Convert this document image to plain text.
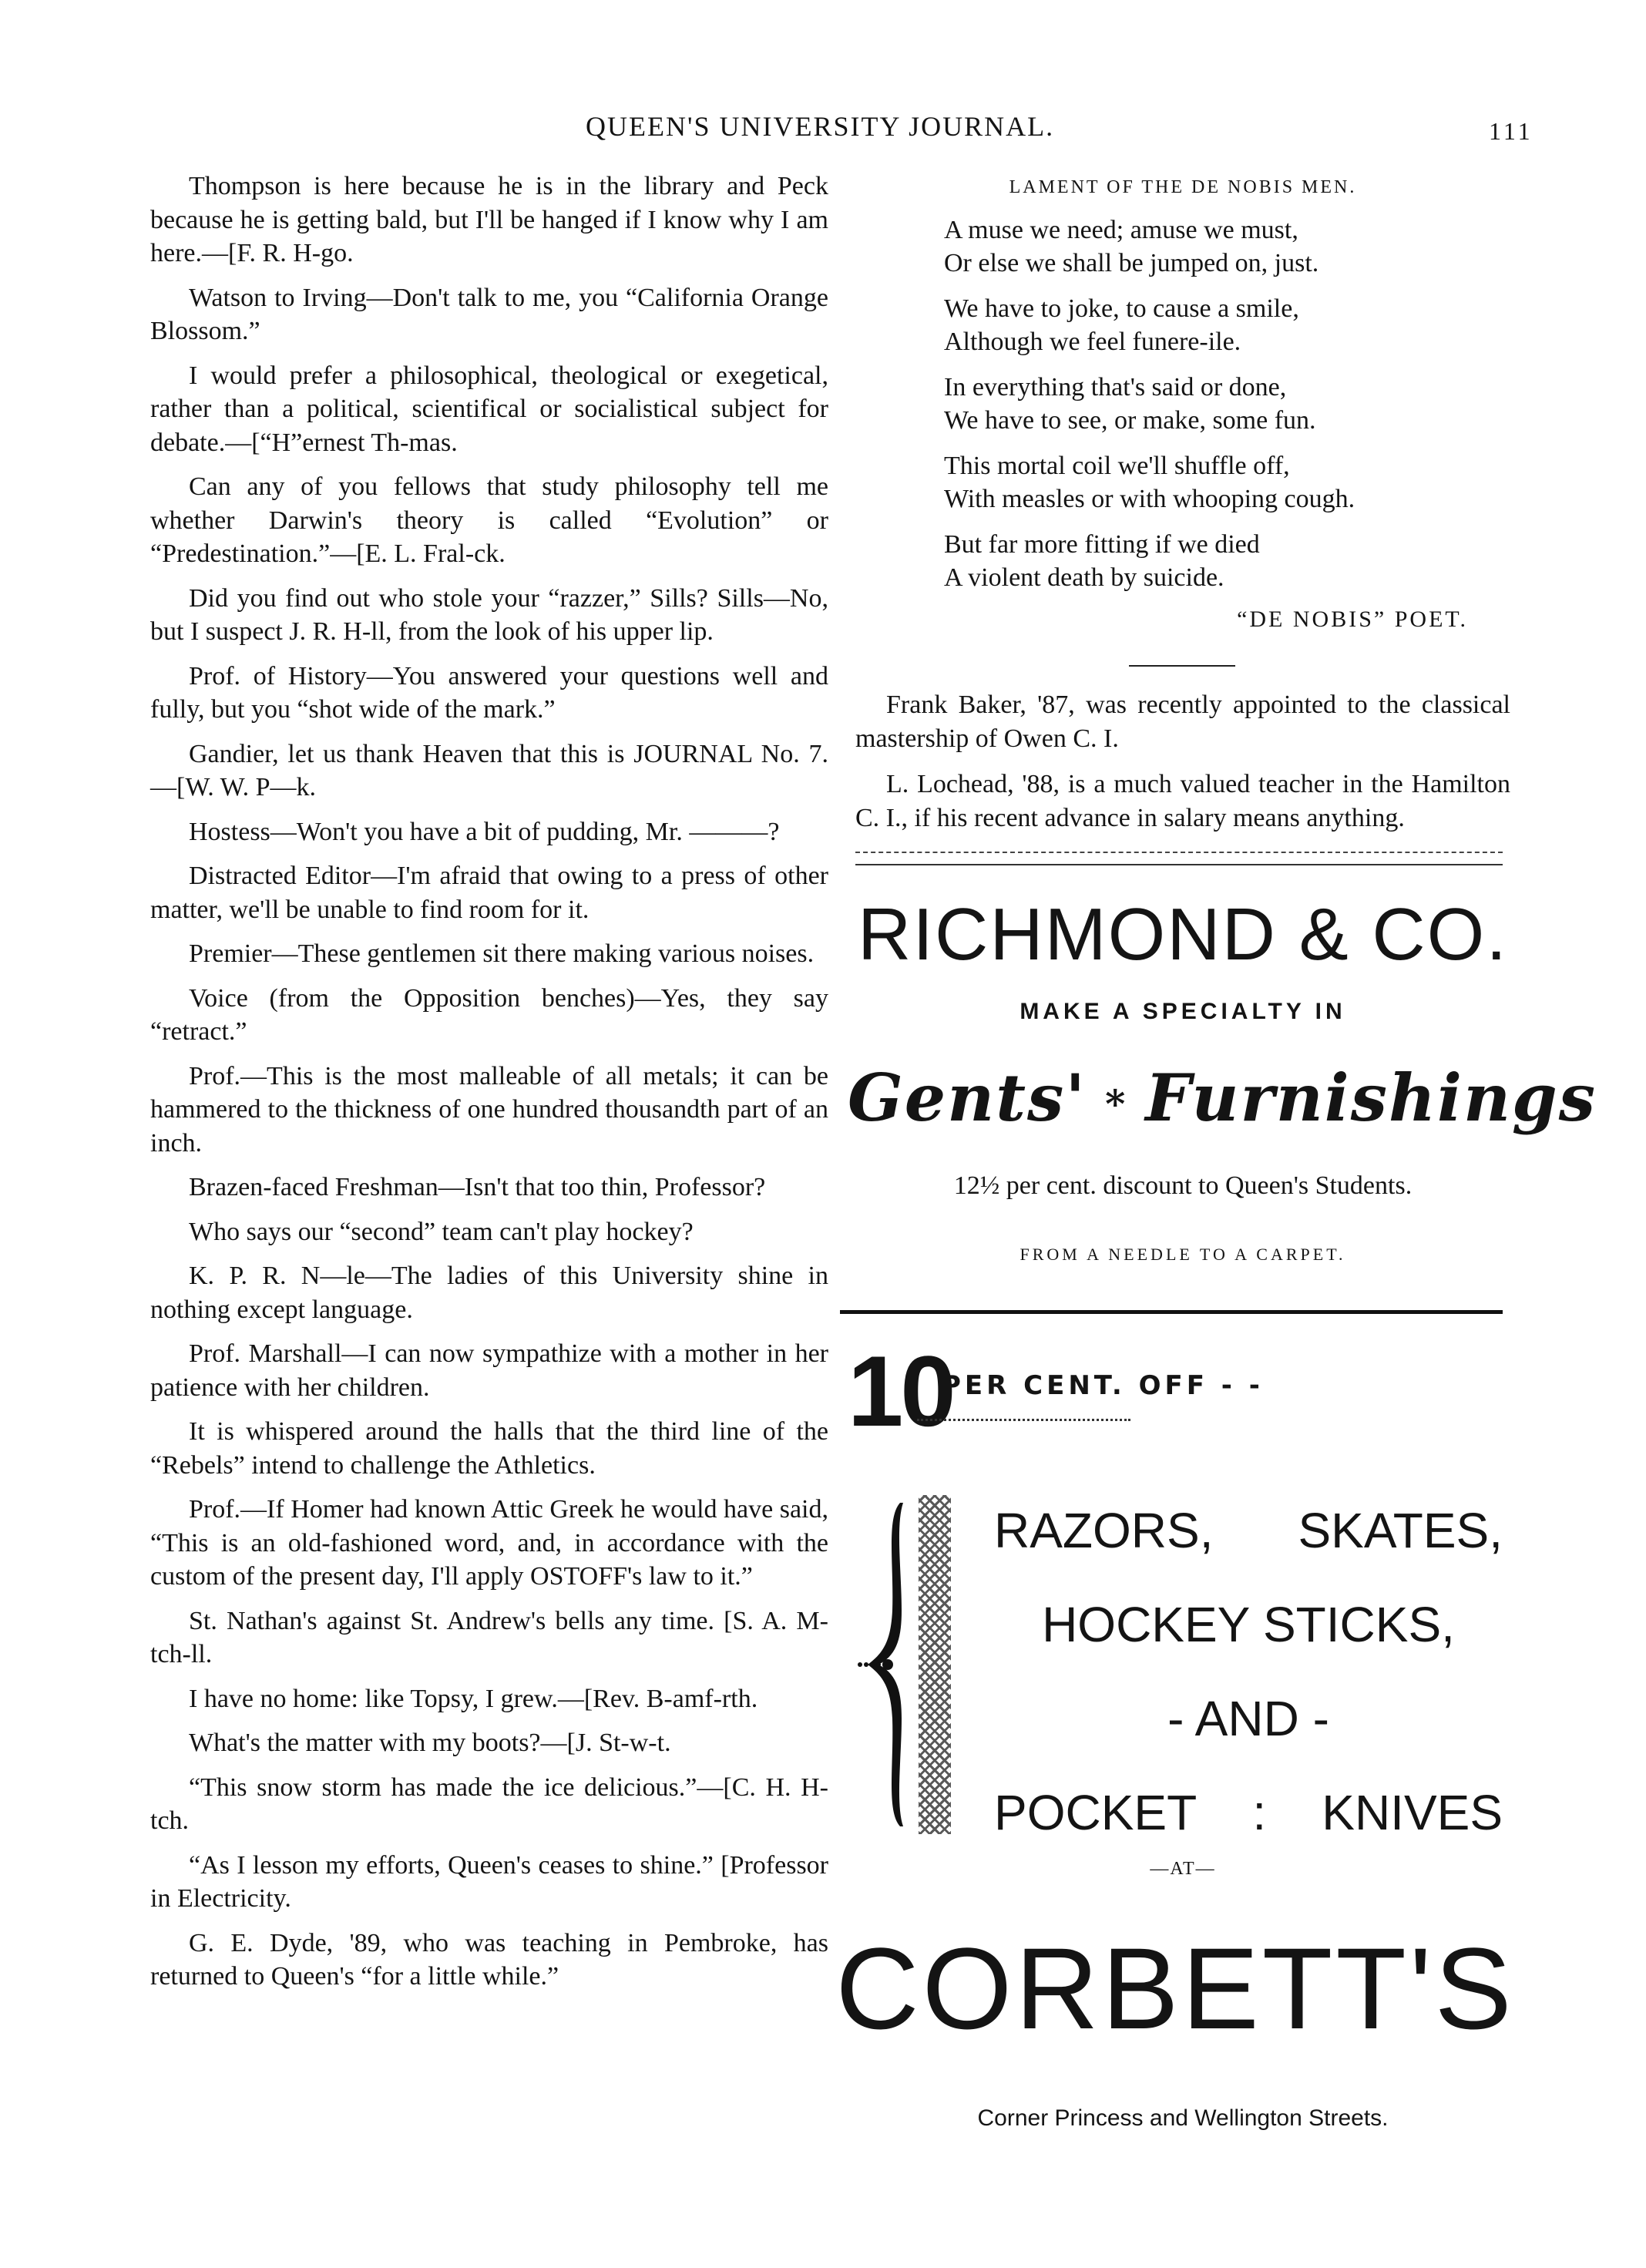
QUEEN'S UNIVERSITY JOURNAL.	111

Thompson is here because he is in the library and Peck because he is getting bald, but I'll be hanged if I know why I am here.—[F. R. H-go.

Watson to Irving—Don't talk to me, you “California Orange Blossom.”

I would prefer a philosophical, theological or exegetical, rather than a political, scientifical or socialistical subject for debate.—[“H”ernest Th-mas.

Can any of you fellows that study philosophy tell me whether Darwin's theory is called “Evolution” or “Predestination.”—[E. L. Fral-ck.

Did you find out who stole your “razzer,” Sills? Sills—No, but I suspect J. R. H-ll, from the look of his upper lip.

Prof. of History—You answered your questions well and fully, but you “shot wide of the mark.”

Gandier, let us thank Heaven that this is JOURNAL No. 7.—[W. W. P—k.

Hostess—Won't you have a bit of pudding, Mr. ———?

Distracted Editor—I'm afraid that owing to a press of other matter, we'll be unable to find room for it.

Premier—These gentlemen sit there making various noises.

Voice (from the Opposition benches)—Yes, they say “retract.”

Prof.—This is the most malleable of all metals; it can be hammered to the thickness of one hundred thousandth part of an inch.

Brazen-faced Freshman—Isn't that too thin, Professor?

Who says our “second” team can't play hockey?

K. P. R. N—le—The ladies of this University shine in nothing except language.

Prof. Marshall—I can now sympathize with a mother in her patience with her children.

It is whispered around the halls that the third line of the “Rebels” intend to challenge the Athletics.

Prof.—If Homer had known Attic Greek he would have said, “This is an old-fashioned word, and, in accordance with the custom of the present day, I'll apply OSTOFF's law to it.”

St. Nathan's against St. Andrew's bells any time. [S. A. M-tch-ll.

I have no home: like Topsy, I grew.—[Rev. B-amf-rth.

What's the matter with my boots?—[J. St-w-t.

“This snow storm has made the ice delicious.”—[C. H. H-tch.

“As I lesson my efforts, Queen's ceases to shine.” [Professor in Electricity.

G. E. Dyde, '89, who was teaching in Pembroke, has returned to Queen's “for a little while.”

LAMENT OF THE DE NOBIS MEN.
A muse we need; amuse we must,
Or else we shall be jumped on, just.
We have to joke, to cause a smile,
Although we feel funere-ile.
In everything that's said or done,
We have to see, or make, some fun.
This mortal coil we'll shuffle off,
With measles or with whooping cough.
But far more fitting if we died
A violent death by suicide.
“DE NOBIS” POET.

Frank Baker, '87, was recently appointed to the classical mastership of Owen C. I.

L. Lochead, '88, is a much valued teacher in the Hamilton C. I., if his recent advance in salary means anything.

RICHMOND & CO.
MAKE A SPECIALTY IN
Gents' * Furnishings
12½ per cent. discount to Queen's Students.
FROM A NEEDLE TO A CARPET.
10
PER CENT. OFF - -
RAZORS, SKATES,
HOCKEY STICKS,
- AND -
POCKET : KNIVES
—AT—
CORBETT'S
Corner Princess and Wellington Streets.
